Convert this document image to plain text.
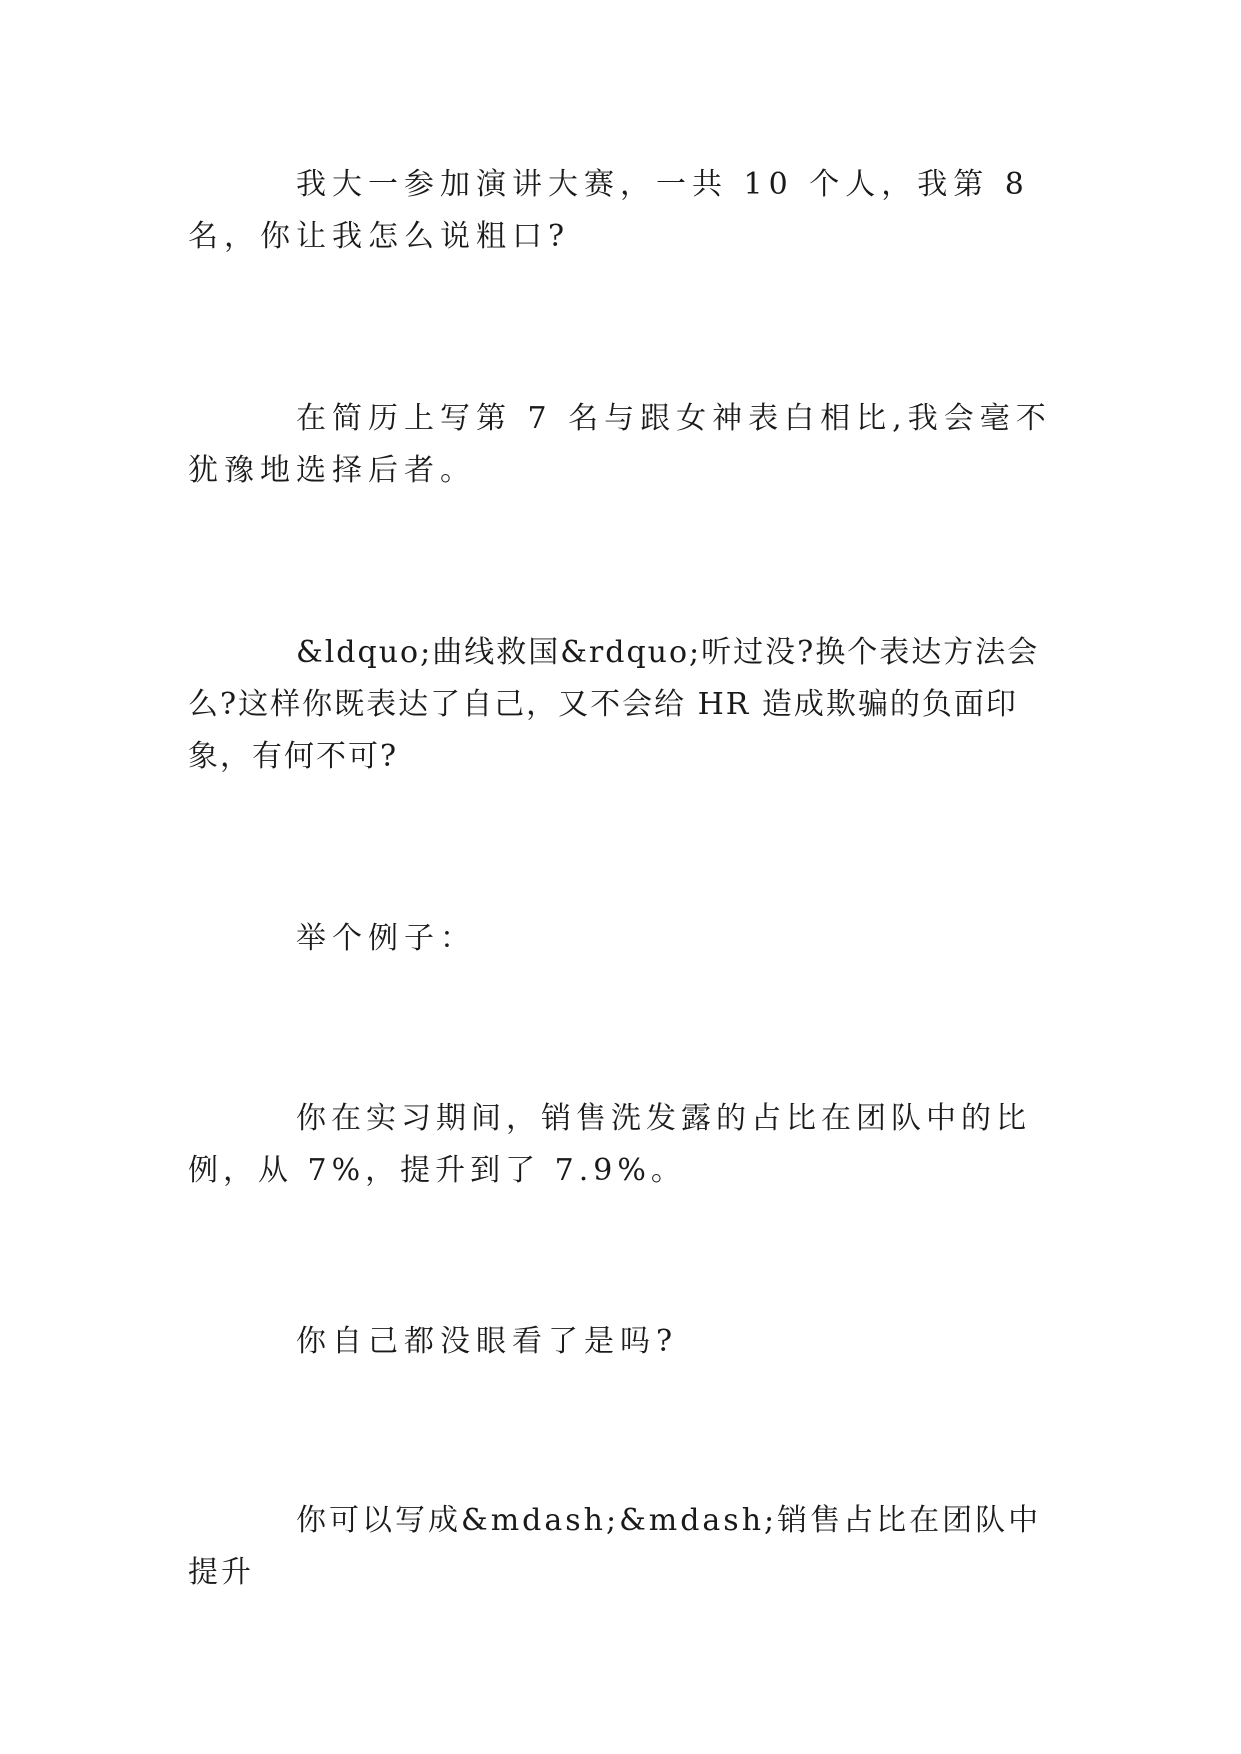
我大一参加演讲大赛，一共 10 个人，我第 8 名，你让我怎么说粗口?

在简历上写第 7 名与跟女神表白相比,我会毫不犹豫地选择后者。

&ldquo;曲线救国&rdquo;听过没?换个表达方法会么?这样你既表达了自己，又不会给 HR 造成欺骗的负面印象，有何不可?

举个例子：

你在实习期间，销售洗发露的占比在团队中的比例，从 7%，提升到了 7.9%。

你自己都没眼看了是吗?

你可以写成&mdash;&mdash;销售占比在团队中提升
